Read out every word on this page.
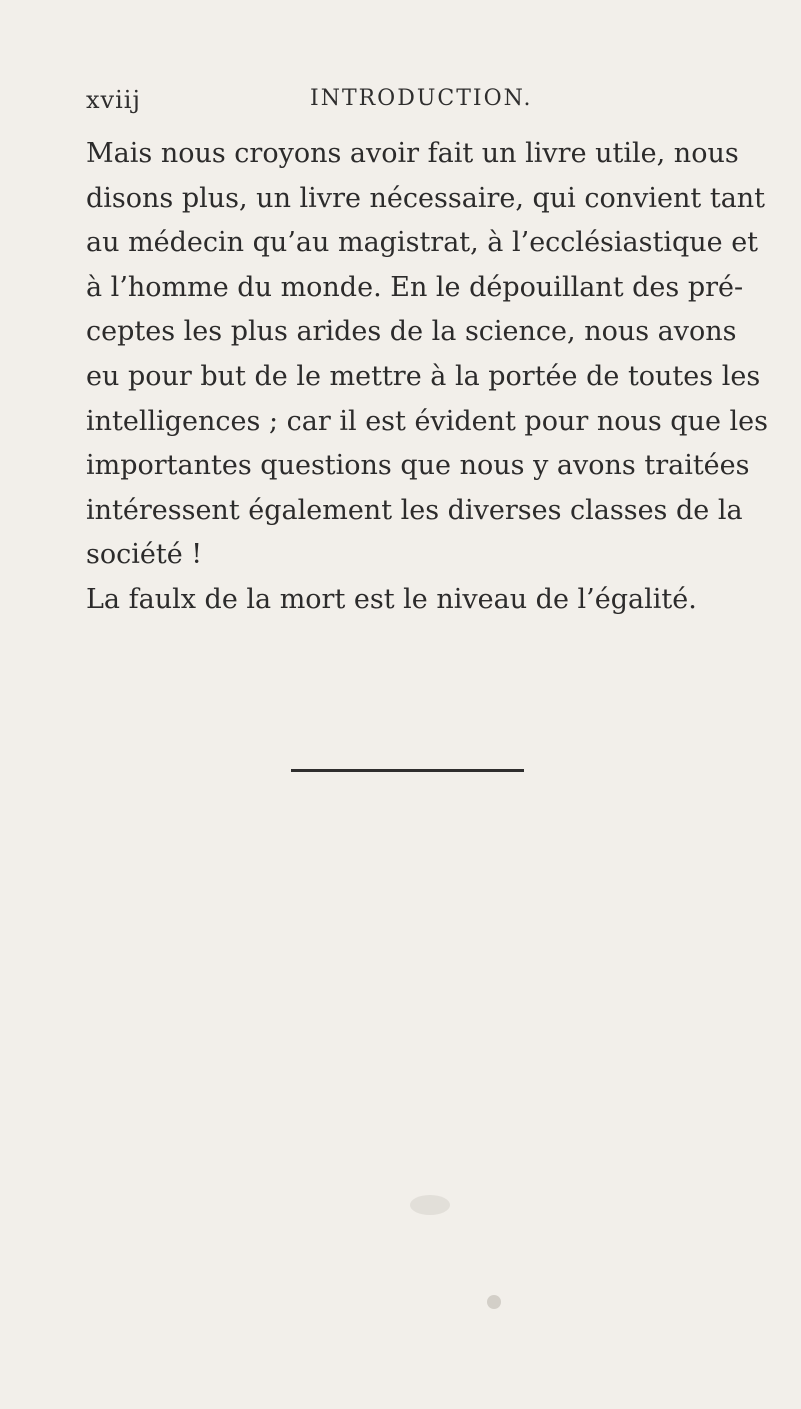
xviij	INTRODUCTION.
Mais nous croyons avoir fait un livre utile, nous
disons plus, un livre nécessaire, qui convient tant
au médecin qu’au magistrat, à l’ecclésiastique et
à l’homme du monde. En le dépouillant des pré-
ceptes les plus arides de la science, nous avons
eu pour but de le mettre à la portée de toutes les
intelligences ; car il est évident pour nous que les
importantes questions que nous y avons traitées
intéressent également les diverses classes de la
société !
La faulx de la mort est le niveau de l’égalité.
